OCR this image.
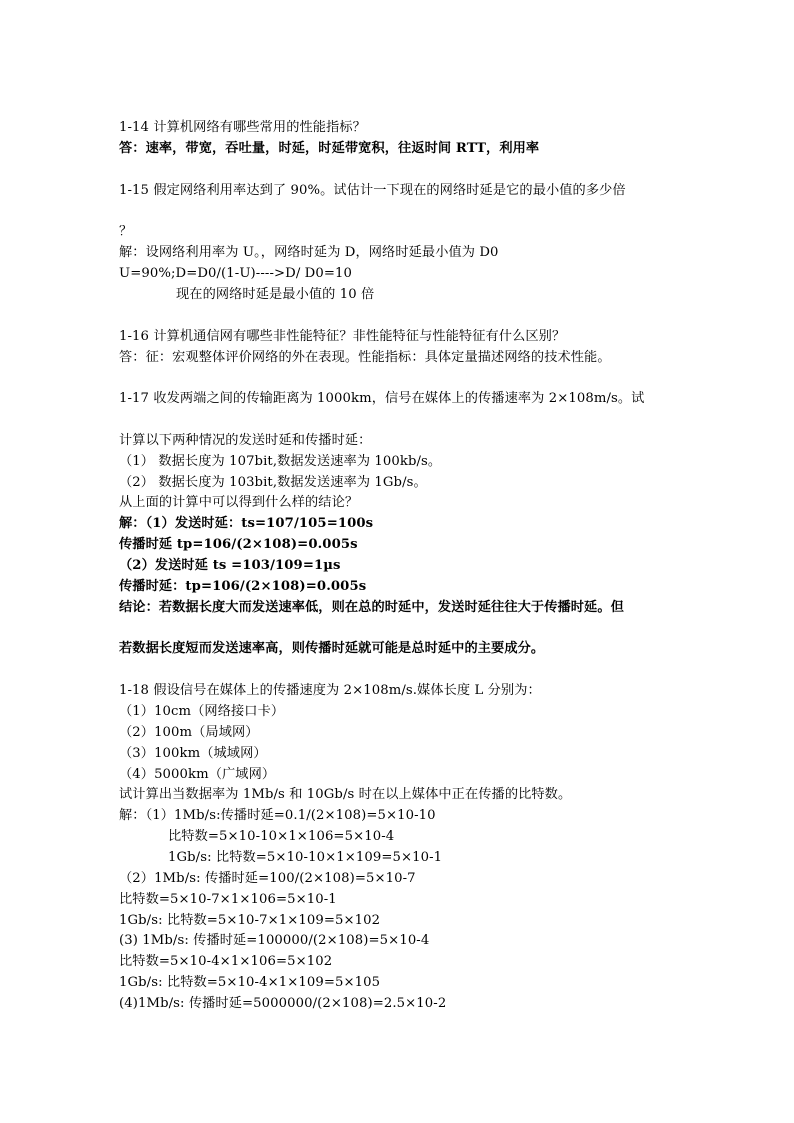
1-14 计算机网络有哪些常用的性能指标？
答：速率，带宽，吞吐量，时延，时延带宽积，往返时间 RTT，利用率
1-15 假定网络利用率达到了 90%。试估计一下现在的网络时延是它的最小值的多少倍
？
解：设网络利用率为 U。，网络时延为 D，网络时延最小值为 D0
U=90%;D=D0/(1-U)---->D/ D0=10
现在的网络时延是最小值的 10 倍
1-16 计算机通信网有哪些非性能特征？非性能特征与性能特征有什么区别？
答：征：宏观整体评价网络的外在表现。性能指标：具体定量描述网络的技术性能。
1-17 收发两端之间的传输距离为 1000km，信号在媒体上的传播速率为 2×108m/s。试
计算以下两种情况的发送时延和传播时延：
（1） 数据长度为 107bit,数据发送速率为 100kb/s。
（2） 数据长度为 103bit,数据发送速率为 1Gb/s。
从上面的计算中可以得到什么样的结论？
解：（1）发送时延：ts=107/105=100s
传播时延 tp=106/(2×108)=0.005s
（2）发送时延 ts =103/109=1µs
传播时延：tp=106/(2×108)=0.005s
结论：若数据长度大而发送速率低，则在总的时延中，发送时延往往大于传播时延。但
若数据长度短而发送速率高，则传播时延就可能是总时延中的主要成分。
1-18 假设信号在媒体上的传播速度为 2×108m/s.媒体长度 L 分别为：
（1）10cm（网络接口卡）
（2）100m（局域网）
（3）100km（城域网）
（4）5000km（广域网）
试计算出当数据率为 1Mb/s 和 10Gb/s 时在以上媒体中正在传播的比特数。
解：（1）1Mb/s:传播时延=0.1/(2×108)=5×10-10
比特数=5×10-10×1×106=5×10-4
1Gb/s: 比特数=5×10-10×1×109=5×10-1
（2）1Mb/s: 传播时延=100/(2×108)=5×10-7
比特数=5×10-7×1×106=5×10-1
1Gb/s: 比特数=5×10-7×1×109=5×102
(3) 1Mb/s: 传播时延=100000/(2×108)=5×10-4
比特数=5×10-4×1×106=5×102
1Gb/s: 比特数=5×10-4×1×109=5×105
(4)1Mb/s: 传播时延=5000000/(2×108)=2.5×10-2
